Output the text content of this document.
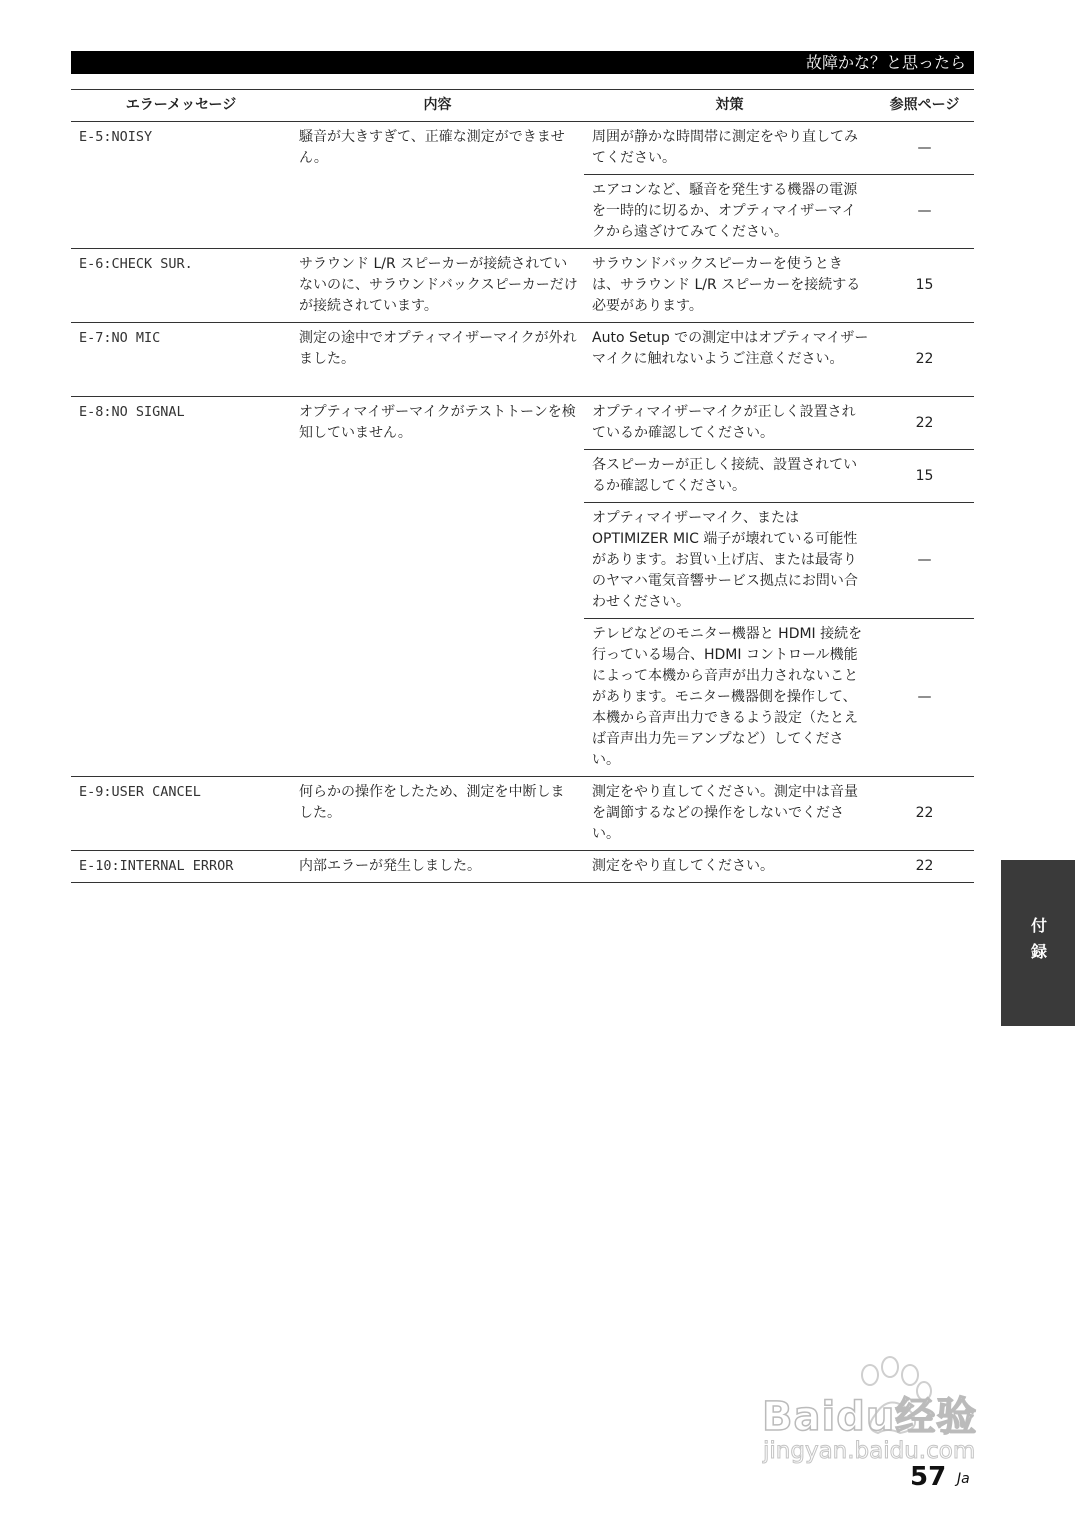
故障かな？と思ったら
エラーメッセージ	内容	対策	参照ページ
E-5:NOISY	騒音が大きすぎて、正確な測定ができません。	周囲が静かな時間帯に測定をやり直してみてください。	—
		エアコンなど、騒音を発生する機器の電源を一時的に切るか、オプティマイザーマイクから遠ざけてみてください。	—
E-6:CHECK SUR.	サラウンド L/R スピーカーが接続されていないのに、サラウンドバックスピーカーだけが接続されています。	サラウンドバックスピーカーを使うときは、サラウンド L/R スピーカーを接続する必要があります。	15
E-7:NO MIC	測定の途中でオプティマイザーマイクが外れました。	Auto Setup での測定中はオプティマイザーマイクに触れないようご注意ください。	22
E-8:NO SIGNAL	オプティマイザーマイクがテストトーンを検知していません。	オプティマイザーマイクが正しく設置されているか確認してください。	22
		各スピーカーが正しく接続、設置されているか確認してください。	15
		オプティマイザーマイク、または OPTIMIZER MIC 端子が壊れている可能性があります。お買い上げ店、または最寄りのヤマハ電気音響サービス拠点にお問い合わせください。	—
		テレビなどのモニター機器と HDMI 接続を行っている場合、HDMI コントロール機能によって本機から音声が出力されないことがあります。モニター機器側を操作して、本機から音声出力できるよう設定（たとえば音声出力先＝アンプなど）してください。	—
E-9:USER CANCEL	何らかの操作をしたため、測定を中断しました。	測定をやり直してください。測定中は音量を調節するなどの操作をしないでください。	22
E-10:INTERNAL ERROR	内部エラーが発生しました。	測定をやり直してください。	22
付録
Baidu经验
jingyan.baidu.com
57 Ja
